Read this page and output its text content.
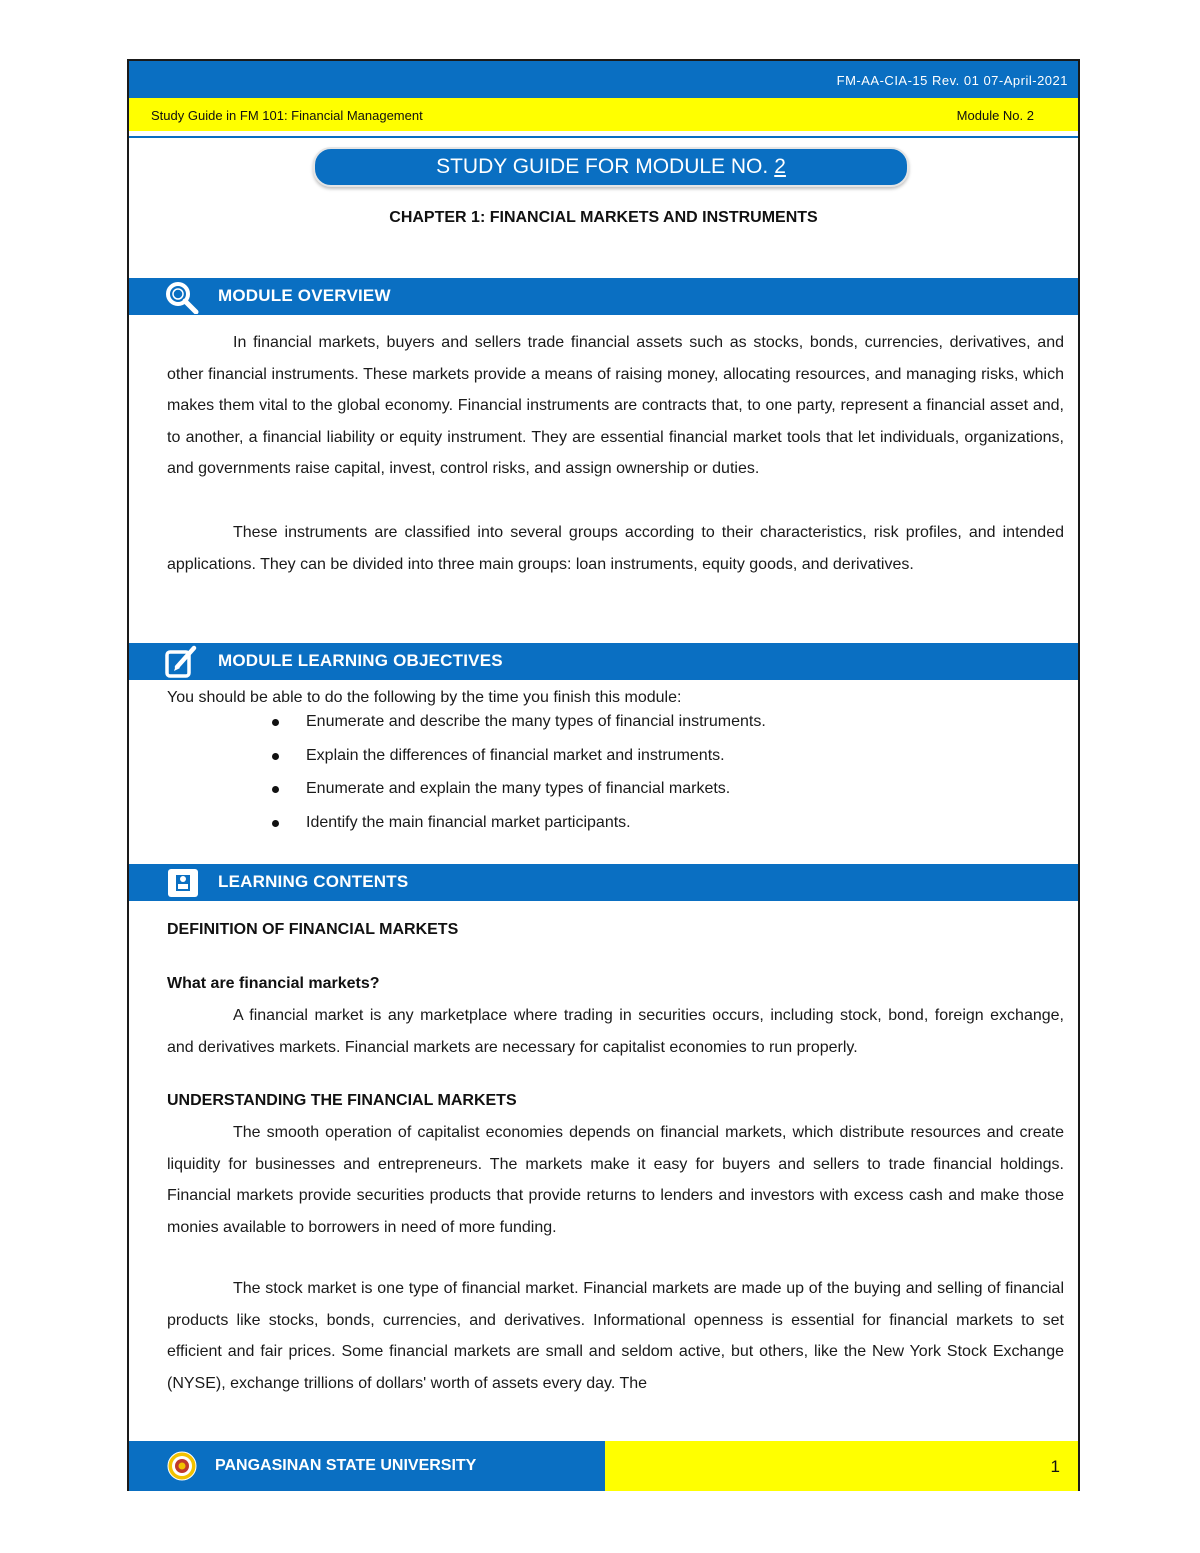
FM-AA-CIA-15 Rev. 01 07-April-2021
Study Guide in FM 101: Financial Management	Module No. 2
STUDY GUIDE FOR MODULE NO. 2
CHAPTER 1: FINANCIAL MARKETS AND INSTRUMENTS
MODULE OVERVIEW

In financial markets, buyers and sellers trade financial assets such as stocks, bonds, currencies, derivatives, and other financial instruments. These markets provide a means of raising money, allocating resources, and managing risks, which makes them vital to the global economy. Financial instruments are contracts that, to one party, represent a financial asset and, to another, a financial liability or equity instrument. They are essential financial market tools that let individuals, organizations, and governments raise capital, invest, control risks, and assign ownership or duties.

These instruments are classified into several groups according to their characteristics, risk profiles, and intended applications. They can be divided into three main groups: loan instruments, equity goods, and derivatives.

MODULE LEARNING OBJECTIVES
You should be able to do the following by the time you finish this module:
Enumerate and describe the many types of financial instruments.
Explain the differences of financial market and instruments.
Enumerate and explain the many types of financial markets.
Identify the main financial market participants.
LEARNING CONTENTS
DEFINITION OF FINANCIAL MARKETS
What are financial markets?

A financial market is any marketplace where trading in securities occurs, including stock, bond, foreign exchange, and derivatives markets. Financial markets are necessary for capitalist economies to run properly.

UNDERSTANDING THE FINANCIAL MARKETS

The smooth operation of capitalist economies depends on financial markets, which distribute resources and create liquidity for businesses and entrepreneurs. The markets make it easy for buyers and sellers to trade financial holdings. Financial markets provide securities products that provide returns to lenders and investors with excess cash and make those monies available to borrowers in need of more funding.

The stock market is one type of financial market. Financial markets are made up of the buying and selling of financial products like stocks, bonds, currencies, and derivatives. Informational openness is essential for financial markets to set efficient and fair prices. Some financial markets are small and seldom active, but others, like the New York Stock Exchange (NYSE), exchange trillions of dollars' worth of assets every day. The

PANGASINAN STATE UNIVERSITY	1
